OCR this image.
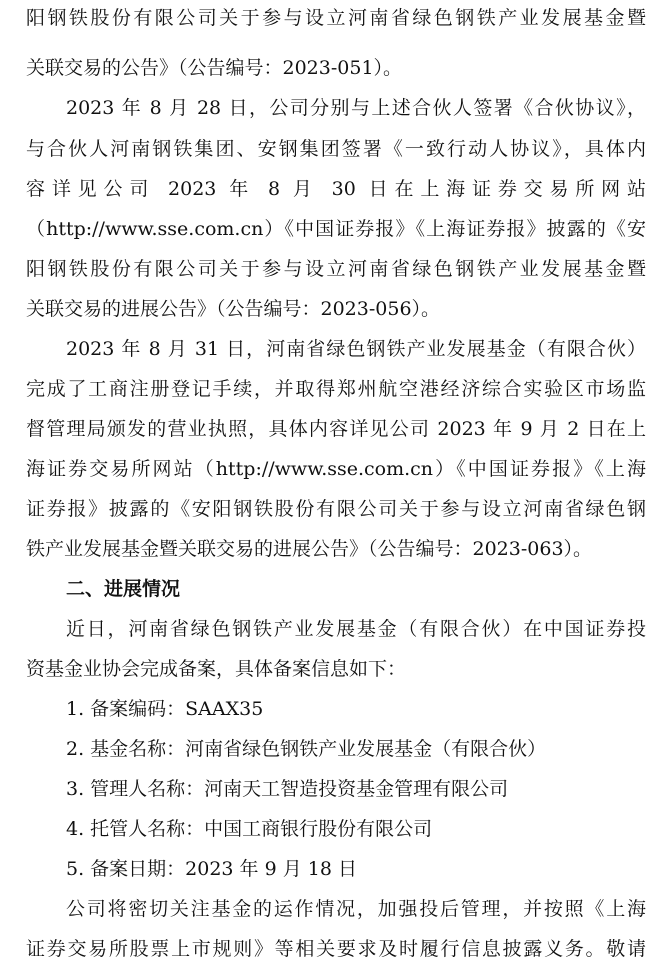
阳钢铁股份有限公司关于参与设立河南省绿色钢铁产业发展基金暨
关联交易的公告》（公告编号：2023-051）。
2023 年 8 月 28 日，公司分别与上述合伙人签署《合伙协议》，
与合伙人河南钢铁集团、安钢集团签署《一致行动人协议》，具体内
容详见公司 2023 年 8 月 30 日在上海证券交易所网站
（http://www.sse.com.cn）《中国证券报》《上海证券报》披露的《安
阳钢铁股份有限公司关于参与设立河南省绿色钢铁产业发展基金暨
关联交易的进展公告》（公告编号：2023-056）。
2023 年 8 月 31 日，河南省绿色钢铁产业发展基金（有限合伙）
完成了工商注册登记手续，并取得郑州航空港经济综合实验区市场监
督管理局颁发的营业执照，具体内容详见公司 2023 年 9 月 2 日在上
海证券交易所网站（http://www.sse.com.cn）《中国证券报》《上海
证券报》披露的《安阳钢铁股份有限公司关于参与设立河南省绿色钢
铁产业发展基金暨关联交易的进展公告》（公告编号：2023-063）。
二、进展情况
近日，河南省绿色钢铁产业发展基金（有限合伙）在中国证券投
资基金业协会完成备案，具体备案信息如下：
1. 备案编码：SAAX35
2. 基金名称：河南省绿色钢铁产业发展基金（有限合伙）
3. 管理人名称：河南天工智造投资基金管理有限公司
4. 托管人名称：中国工商银行股份有限公司
5. 备案日期：2023 年 9 月 18 日
公司将密切关注基金的运作情况，加强投后管理，并按照《上海
证券交易所股票上市规则》等相关要求及时履行信息披露义务。敬请
